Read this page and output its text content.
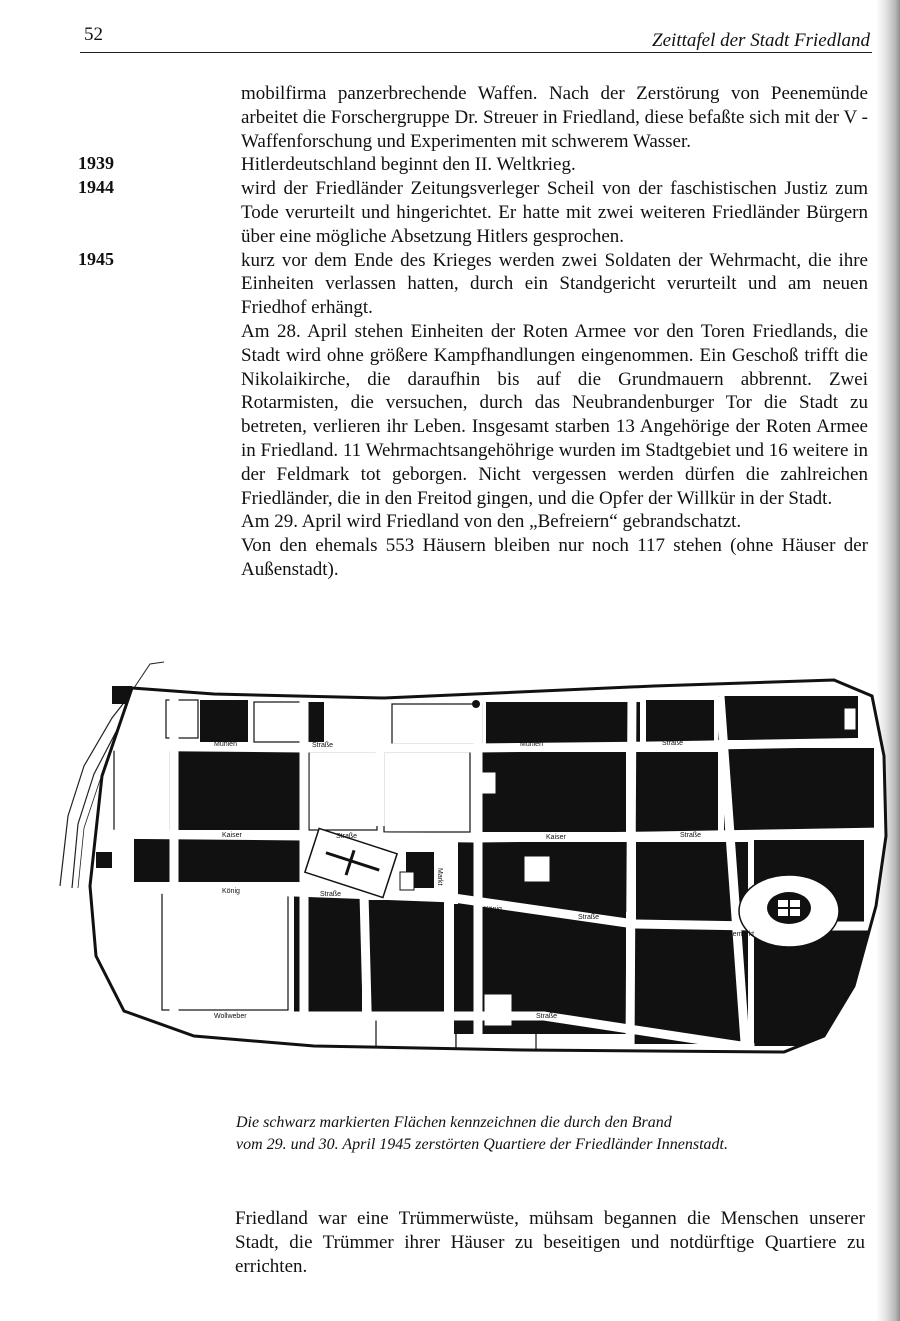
52	Zeittafel der Stadt Friedland
mobilfirma panzerbrechende Waffen. Nach der Zerstörung von Peenemünde arbeitet die Forschergruppe Dr. Streuer in Friedland, diese befaßte sich mit der V - Waffenforschung und Experimenten mit schwerem Wasser.
1939	Hitlerdeutschland beginnt den II. Weltkrieg.
1944	wird der Friedländer Zeitungsverleger Scheil von der faschistischen Justiz zum Tode verurteilt und hingerichtet. Er hatte mit zwei weiteren Friedländer Bürgern über eine mögliche Absetzung Hitlers gesprochen.
1945	kurz vor dem Ende des Krieges werden zwei Soldaten der Wehrmacht, die ihre Einheiten verlassen hatten, durch ein Standgericht verurteilt und am neuen Friedhof erhängt.
Am 28. April stehen Einheiten der Roten Armee vor den Toren Friedlands, die Stadt wird ohne größere Kampfhandlungen eingenommen. Ein Geschoß trifft die Nikolaikirche, die daraufhin bis auf die Grundmauern abbrennt. Zwei Rotarmisten, die versuchen, durch das Neubrandenburger Tor die Stadt zu betreten, verlieren ihr Leben. Insgesamt starben 13 Angehörige der Roten Armee in Friedland. 11 Wehrmachtsangehöhrige wurden im Stadtgebiet und 16 weitere in der Feldmark tot geborgen. Nicht vergessen werden dürfen die zahlreichen Friedländer, die in den Freitod gingen, und die Opfer der Willkür in der Stadt.
Am 29. April wird Friedland von den „Befreiern“ gebrandschatzt.
Von den ehemals 553 Häusern bleiben nur noch 117 stehen (ohne Häuser der Außenstadt).
Mühlen	Straße	Mühlen	Straße
Kaiser	Straße	Kaiser	Straße
König	Straße
König
Straße
Wollweber	Straße
Markt
Pferdemarkt
Die schwarz markierten Flächen kennzeichnen die durch den Brand
vom 29. und 30. April 1945 zerstörten Quartiere der Friedländer Innenstadt.
Friedland war eine Trümmerwüste, mühsam begannen die Menschen unserer Stadt, die Trümmer ihrer Häuser zu beseitigen und notdürftige Quartiere zu errichten.
